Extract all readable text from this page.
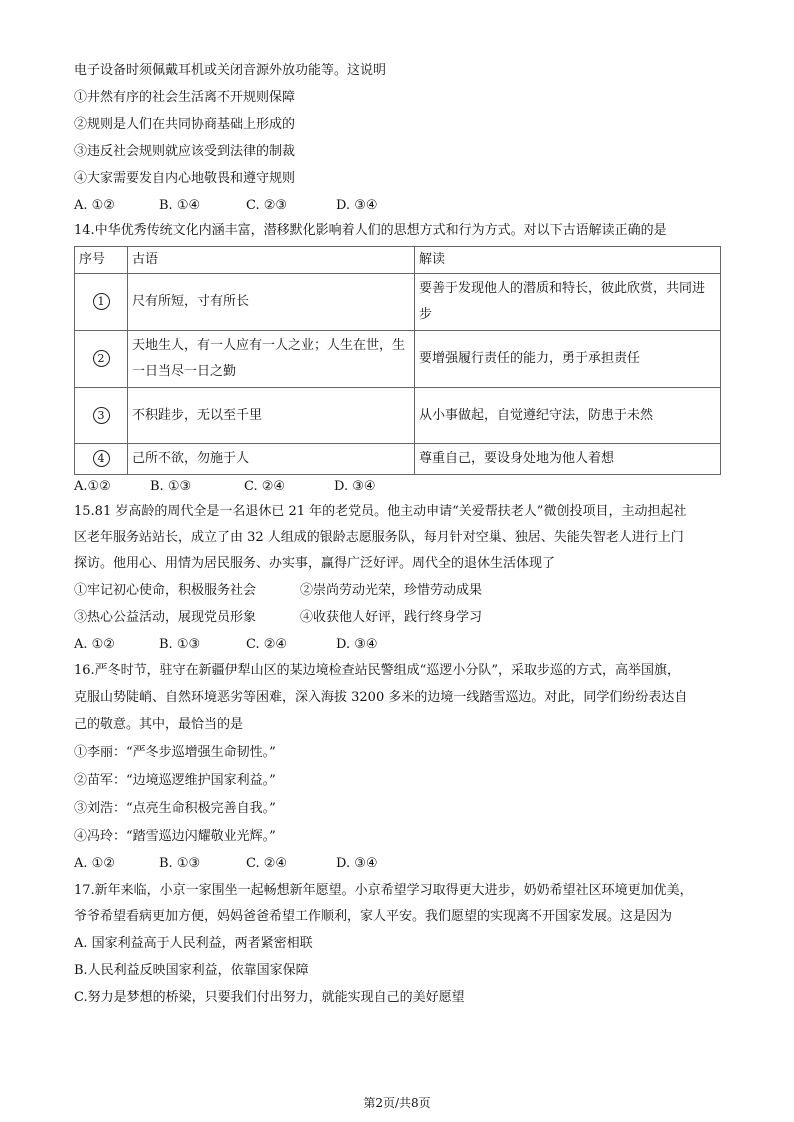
电子设备时须佩戴耳机或关闭音源外放功能等。这说明
①井然有序的社会生活离不开规则保障
②规则是人们在共同协商基础上形成的
③违反社会规则就应该受到法律的制裁
④大家需要发自内心地敬畏和遵守规则
A. ①②	B. ①④	C. ②③	D. ③④
14.中华优秀传统文化内涵丰富，潜移默化影响着人们的思想方式和行为方式。对以下古语解读正确的是
序号	古语	解读
1	尺有所短，寸有所长	要善于发现他人的潜质和特长，彼此欣赏，共同进步
2	天地生人，有一人应有一人之业；人生在世，生一日当尽一日之勤	要增强履行责任的能力，勇于承担责任
3	不积跬步，无以至千里	从小事做起，自觉遵纪守法，防患于未然
4	己所不欲，勿施于人	尊重自己，要设身处地为他人着想
A.①②	B. ①③	C. ②④	D. ③④
15.81 岁高龄的周代全是一名退休已 21 年的老党员。他主动申请“关爱帮扶老人”微创投项目，主动担起社
区老年服务站站长，成立了由 32 人组成的银龄志愿服务队，每月针对空巢、独居、失能失智老人进行上门
探访。他用心、用情为居民服务、办实事，赢得广泛好评。周代全的退休生活体现了
①牢记初心使命，积极服务社会	②崇尚劳动光荣，珍惜劳动成果
③热心公益活动，展现党员形象	④收获他人好评，践行终身学习
A. ①②	B. ①③	C. ②④	D. ③④
16.严冬时节，驻守在新疆伊犁山区的某边境检查站民警组成“巡逻小分队”，采取步巡的方式，高举国旗，
克服山势陡峭、自然环境恶劣等困难，深入海拔 3200 多米的边境一线踏雪巡边。对此，同学们纷纷表达自
己的敬意。其中，最恰当的是
①李丽：“严冬步巡增强生命韧性。”
②苗军：“边境巡逻维护国家利益。”
③刘浩：“点亮生命积极完善自我。”
④冯玲：“踏雪巡边闪耀敬业光辉。”
A. ①②	B. ①③	C. ②④	D. ③④
17.新年来临，小京一家围坐一起畅想新年愿望。小京希望学习取得更大进步，奶奶希望社区环境更加优美，
爷爷希望看病更加方便，妈妈爸爸希望工作顺利，家人平安。我们愿望的实现离不开国家发展。这是因为
A. 国家利益高于人民利益，两者紧密相联
B.人民利益反映国家利益，依靠国家保障
C.努力是梦想的桥梁，只要我们付出努力，就能实现自己的美好愿望
第2页/共8页
